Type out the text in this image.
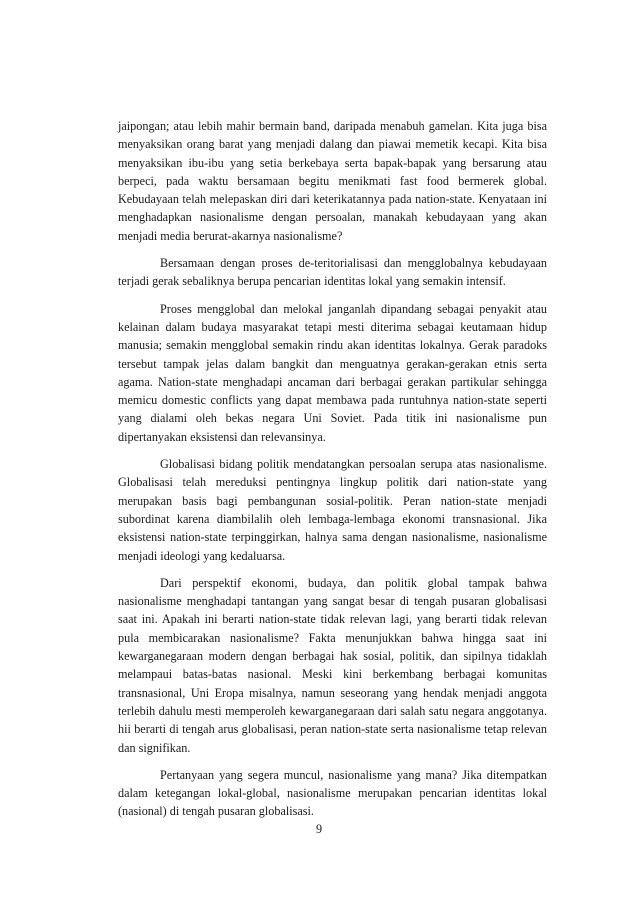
jaipongan; atau lebih mahir bermain band, daripada menabuh gamelan. Kita juga bisa menyaksikan orang barat yang menjadi dalang dan piawai memetik kecapi. Kita bisa menyaksikan ibu-ibu yang setia berkebaya serta bapak-bapak yang bersarung atau berpeci, pada waktu bersamaan begitu menikmati fast food bermerek global. Kebudayaan telah melepaskan diri dari keterikatannya pada nation-state. Kenyataan ini menghadapkan nasionalisme dengan persoalan, manakah kebudayaan yang akan menjadi media berurat-akarnya nasionalisme?

Bersamaan dengan proses de-teritorialisasi dan mengglobalnya kebudayaan terjadi gerak sebaliknya berupa pencarian identitas lokal yang semakin intensif.

Proses mengglobal dan melokal janganlah dipandang sebagai penyakit atau kelainan dalam budaya masyarakat tetapi mesti diterima sebagai keutamaan hidup manusia; semakin mengglobal semakin rindu akan identitas lokalnya. Gerak paradoks tersebut tampak jelas dalam bangkit dan menguatnya gerakan-gerakan etnis serta agama. Nation-state menghadapi ancaman dari berbagai gerakan partikular sehingga memicu domestic conflicts yang dapat membawa pada runtuhnya nation-state seperti yang dialami oleh bekas negara Uni Soviet. Pada titik ini nasionalisme pun dipertanyakan eksistensi dan relevansinya.

Globalisasi bidang politik mendatangkan persoalan serupa atas nasionalisme. Globalisasi telah mereduksi pentingnya lingkup politik dari nation-state yang merupakan basis bagi pembangunan sosial-politik. Peran nation-state menjadi subordinat karena diambilalih oleh lembaga-lembaga ekonomi transnasional. Jika eksistensi nation-state terpinggirkan, halnya sama dengan nasionalisme, nasionalisme menjadi ideologi yang kedaluarsa.

Dari perspektif ekonomi, budaya, dan politik global tampak bahwa nasionalisme menghadapi tantangan yang sangat besar di tengah pusaran globalisasi saat ini. Apakah ini berarti nation-state tidak relevan lagi, yang berarti tidak relevan pula membicarakan nasionalisme? Fakta menunjukkan bahwa hingga saat ini kewarganegaraan modern dengan berbagai hak sosial, politik, dan sipilnya tidaklah melampaui batas-batas nasional. Meski kini berkembang berbagai komunitas transnasional, Uni Eropa misalnya, namun seseorang yang hendak menjadi anggota terlebih dahulu mesti memperoleh kewarganegaraan dari salah satu negara anggotanya. hii berarti di tengah arus globalisasi, peran nation-state serta nasionalisme tetap relevan dan signifikan.

Pertanyaan yang segera muncul, nasionalisme yang mana? Jika ditempatkan dalam ketegangan lokal-global, nasionalisme merupakan pencarian identitas lokal (nasional) di tengah pusaran globalisasi.

9
